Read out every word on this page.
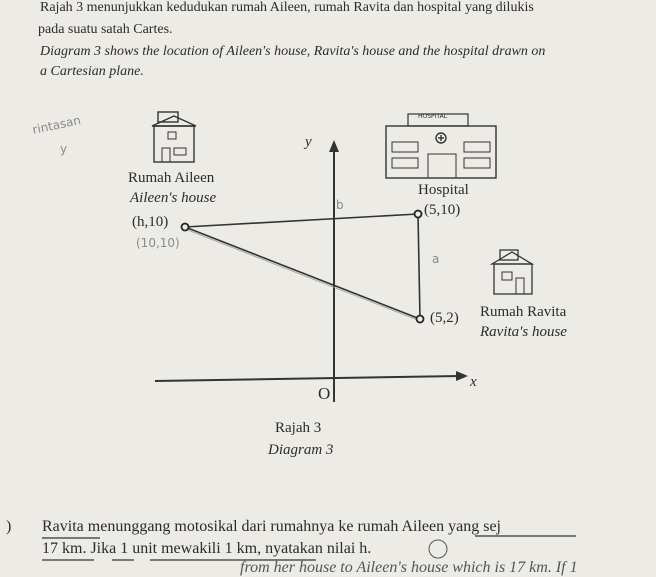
Rajah 3 menunjukkan kedudukan rumah Aileen, rumah Ravita dan hospital yang dilukis
pada suatu satah Cartes.
Diagram 3 shows the location of Aileen's house, Ravita's house and the hospital drawn on
a Cartesian plane.
rintasan
y
HOSPITAL
y
x
O
Rumah Aileen
Aileen's house
(h,10)
(10,10)
Hospital
(5,10)
b
a
(5,2) Rumah Ravita
Ravita's house
Rajah 3
Diagram 3
) Ravita menunggang motosikal dari rumahnya ke rumah Aileen yang sej
17 km. Jika 1 unit mewakili 1 km, nyatakan nilai h.
from her house to Aileen's house which is 17 km. If 1
